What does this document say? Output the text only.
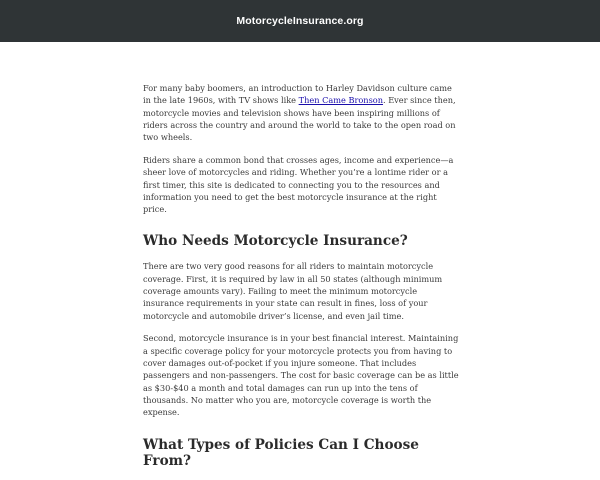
MotorcycleInsurance.org

For many baby boomers, an introduction to Harley Davidson culture came in the late 1960s, with TV shows like Then Came Bronson. Ever since then, motorcycle movies and television shows have been inspiring millions of riders across the country and around the world to take to the open road on two wheels.

Riders share a common bond that crosses ages, income and experience—a sheer love of motorcycles and riding. Whether you’re a lontime rider or a first timer, this site is dedicated to connecting you to the resources and information you need to get the best motorcycle insurance at the right price.

Who Needs Motorcycle Insurance?

There are two very good reasons for all riders to maintain motorcycle coverage. First, it is required by law in all 50 states (although minimum coverage amounts vary). Failing to meet the minimum motorcycle insurance requirements in your state can result in fines, loss of your motorcycle and automobile driver’s license, and even jail time.

Second, motorcycle insurance is in your best financial interest. Maintaining a specific coverage policy for your motorcycle protects you from having to cover damages out-of-pocket if you injure someone. That includes passengers and non-passengers. The cost for basic coverage can be as little as $30-$40 a month and total damages can run up into the tens of thousands. No matter who you are, motorcycle coverage is worth the expense.

What Types of Policies Can I Choose From?
